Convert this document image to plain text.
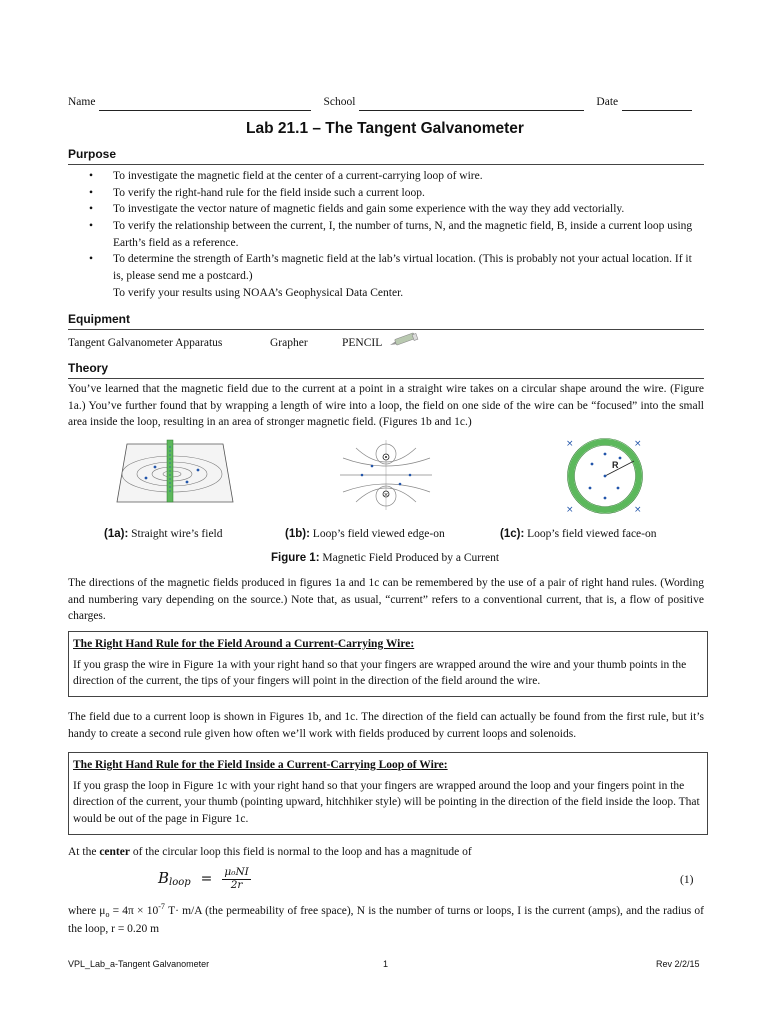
Name	School	Date
Lab 21.1 – The Tangent Galvanometer
Purpose
• To investigate the magnetic field at the center of a current-carrying loop of wire.
• To verify the right-hand rule for the field inside such a current loop.
• To investigate the vector nature of magnetic fields and gain some experience with the way they add vectorially.
• To verify the relationship between the current, I, the number of turns, N, and the magnetic field, B, inside a current loop using Earth’s field as a reference.
• To determine the strength of Earth’s magnetic field at the lab’s virtual location. (This is probably not your actual location. If it is, please send me a postcard.)
To verify your results using NOAA’s Geophysical Data Center.
Equipment
Tangent Galvanometer Apparatus	Grapher	PENCIL
Theory
You’ve learned that the magnetic field due to the current at a point in a straight wire takes on a circular shape around the wire. (Figure 1a.) You’ve further found that by wrapping a length of wire into a loop, the field on one side of the wire can be “focused” into the small area inside the loop, resulting in an area of stronger magnetic field. (Figures 1b and 1c.)
×
×	×
×	×
R
(1a): Straight wire’s field	(1b): Loop’s field viewed edge-on	(1c): Loop’s field viewed face-on
Figure 1: Magnetic Field Produced by a Current
The directions of the magnetic fields produced in figures 1a and 1c can be remembered by the use of a pair of right hand rules. (Wording and numbering vary depending on the source.) Note that, as usual, “current” refers to a conventional current, that is, a flow of positive charges.
The Right Hand Rule for the Field Around a Current-Carrying Wire:
If you grasp the wire in Figure 1a with your right hand so that your fingers are wrapped around the wire and your thumb points in the direction of the current, the tips of your fingers will point in the direction of the field around the wire.
The field due to a current loop is shown in Figures 1b, and 1c. The direction of the field can actually be found from the first rule, but it’s handy to create a second rule given how often we’ll work with fields produced by current loops and solenoids.
The Right Hand Rule for the Field Inside a Current-Carrying Loop of Wire:
If you grasp the loop in Figure 1c with your right hand so that your fingers are wrapped around the loop and your fingers point in the direction of the current, your thumb (pointing upward, hitchhiker style) will be pointing in the direction of the field inside the loop. That would be out of the page in Figure 1c.
At the center of the circular loop this field is normal to the loop and has a magnitude of
B loop = $\frac{\text{μ₀NI}}{2r}$	(1)
where $\mu_o = 4\pi \times 10^{-7}$ T· m/A (the permeability of free space), N is the number of turns or loops, I is the current (amps), and the radius of the loop, r = 0.20 m
VPL_Lab_a-Tangent Galvanometer	1	Rev 2/2/15
